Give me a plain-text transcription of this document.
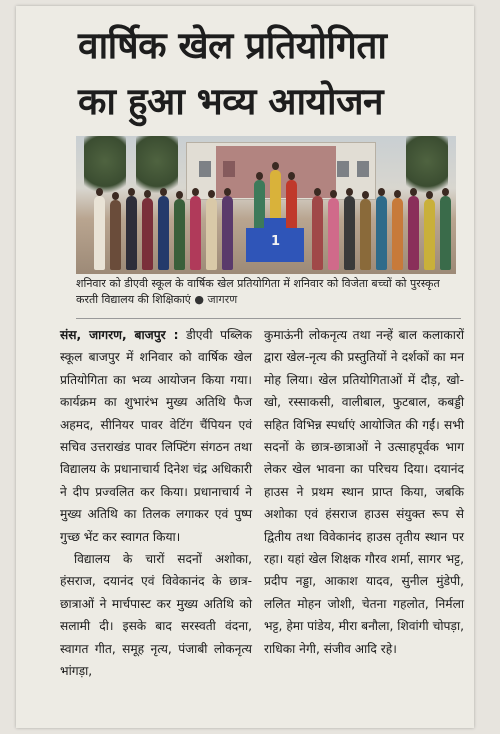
वार्षिक खेल प्रतियोगिता
का हुआ भव्य आयोजन
1
शनिवार को डीएवी स्कूल के वार्षिक खेल प्रतियोगिता में शनिवार को विजेता बच्चों को पुरस्कृत करती विद्यालय की शिक्षिकाएं ● जागरण

संस, जागरण, बाजपुर : डीएवी पब्लिक स्कूल बाजपुर में शनिवार को वार्षिक खेल प्रतियोगिता का भव्य आयोजन किया गया। कार्यक्रम का शुभारंभ मुख्य अतिथि फैज अहमद, सीनियर पावर वेटिंग चैंपियन एवं सचिव उत्तराखंड पावर लिफ्टिंग संगठन तथा विद्यालय के प्रधानाचार्य दिनेश चंद्र अधिकारी ने दीप प्रज्वलित कर किया। प्रधानाचार्य ने मुख्य अतिथि का तिलक लगाकर एवं पुष्प गुच्छ भेंट कर स्वागत किया।

विद्यालय के चारों सदनों अशोका, हंसराज, दयानंद एवं विवेकानंद के छात्र-छात्राओं ने मार्चपास्ट कर मुख्य अतिथि को सलामी दी। इसके बाद सरस्वती वंदना, स्वागत गीत, समूह नृत्य, पंजाबी लोकनृत्य भांगड़ा,

कुमाऊंनी लोकनृत्य तथा नन्हें बाल कलाकारों द्वारा खेल-नृत्य की प्रस्तुतियों ने दर्शकों का मन मोह लिया। खेल प्रतियोगिताओं में दौड़, खो-खो, रस्साकसी, वालीबाल, फुटबाल, कबड्डी सहित विभिन्न स्पर्धाएं आयोजित की गईं। सभी सदनों के छात्र-छात्राओं ने उत्साहपूर्वक भाग लेकर खेल भावना का परिचय दिया। दयानंद हाउस ने प्रथम स्थान प्राप्त किया, जबकि अशोका एवं हंसराज हाउस संयुक्त रूप से द्वितीय तथा विवेकानंद हाउस तृतीय स्थान पर रहा। यहां खेल शिक्षक गौरव शर्मा, सागर भट्ट, प्रदीप नड्डा, आकाश यादव, सुनील मुंडेपी, ललित मोहन जोशी, चेतना गहलोत, निर्मला भट्ट, हेमा पांडेय, मीरा बनौला, शिवांगी चोपड़ा, राधिका नेगी, संजीव आदि रहे।
